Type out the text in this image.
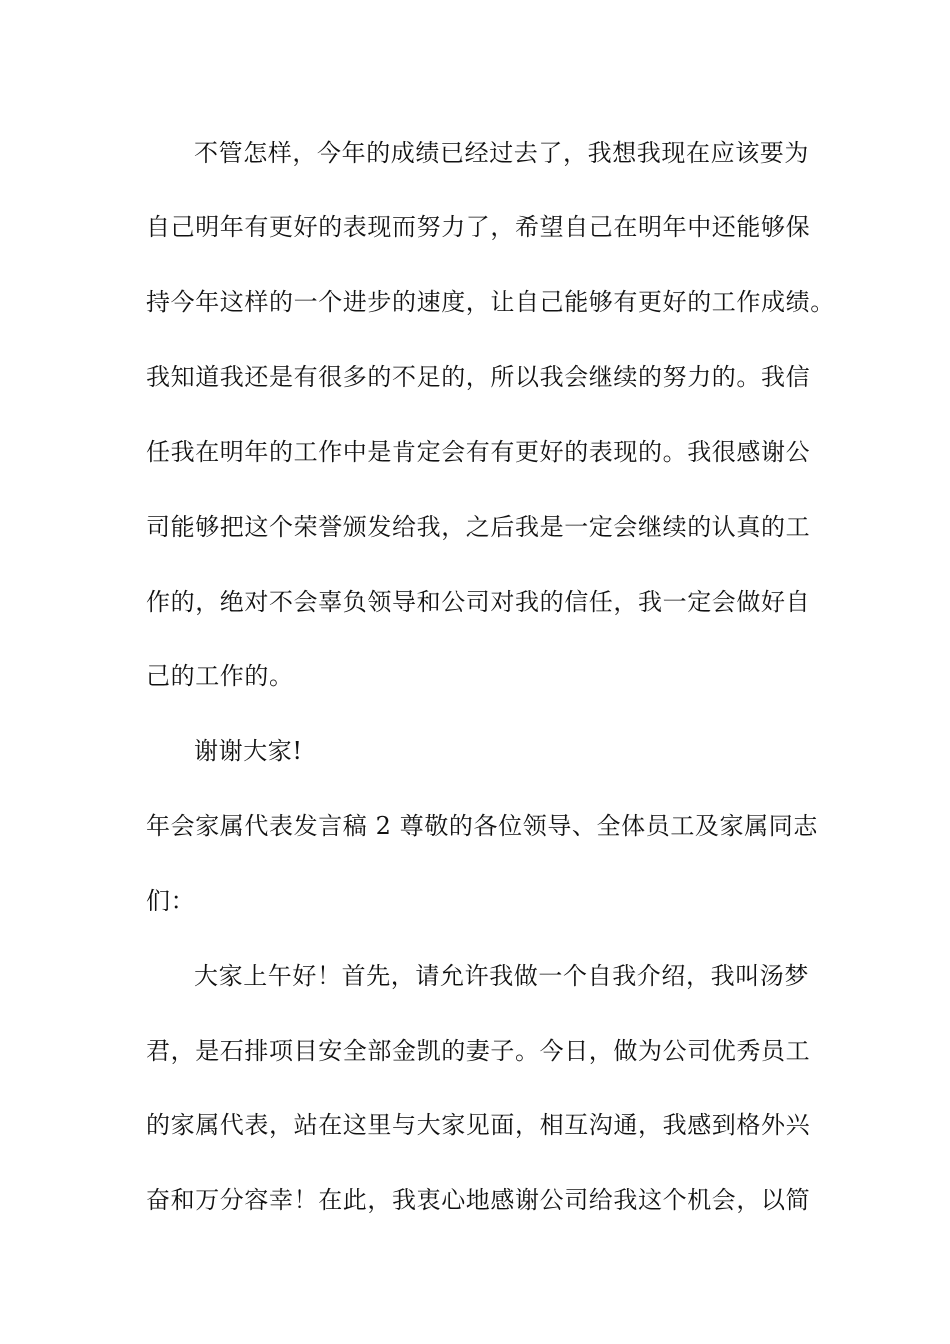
不管怎样，今年的成绩已经过去了，我想我现在应该要为
自己明年有更好的表现而努力了，希望自己在明年中还能够保
持今年这样的一个进步的速度，让自己能够有更好的工作成绩。
我知道我还是有很多的不足的，所以我会继续的努力的。我信
任我在明年的工作中是肯定会有有更好的表现的。我很感谢公
司能够把这个荣誉颁发给我，之后我是一定会继续的认真的工
作的，绝对不会辜负领导和公司对我的信任，我一定会做好自
己的工作的。
谢谢大家!
年会家属代表发言稿 2 尊敬的各位领导、全体员工及家属同志
们：
大家上午好！首先，请允许我做一个自我介绍，我叫汤梦
君，是石排项目安全部金凯的妻子。今日，做为公司优秀员工
的家属代表，站在这里与大家见面，相互沟通，我感到格外兴
奋和万分容幸！在此，我衷心地感谢公司给我这个机会，以简
